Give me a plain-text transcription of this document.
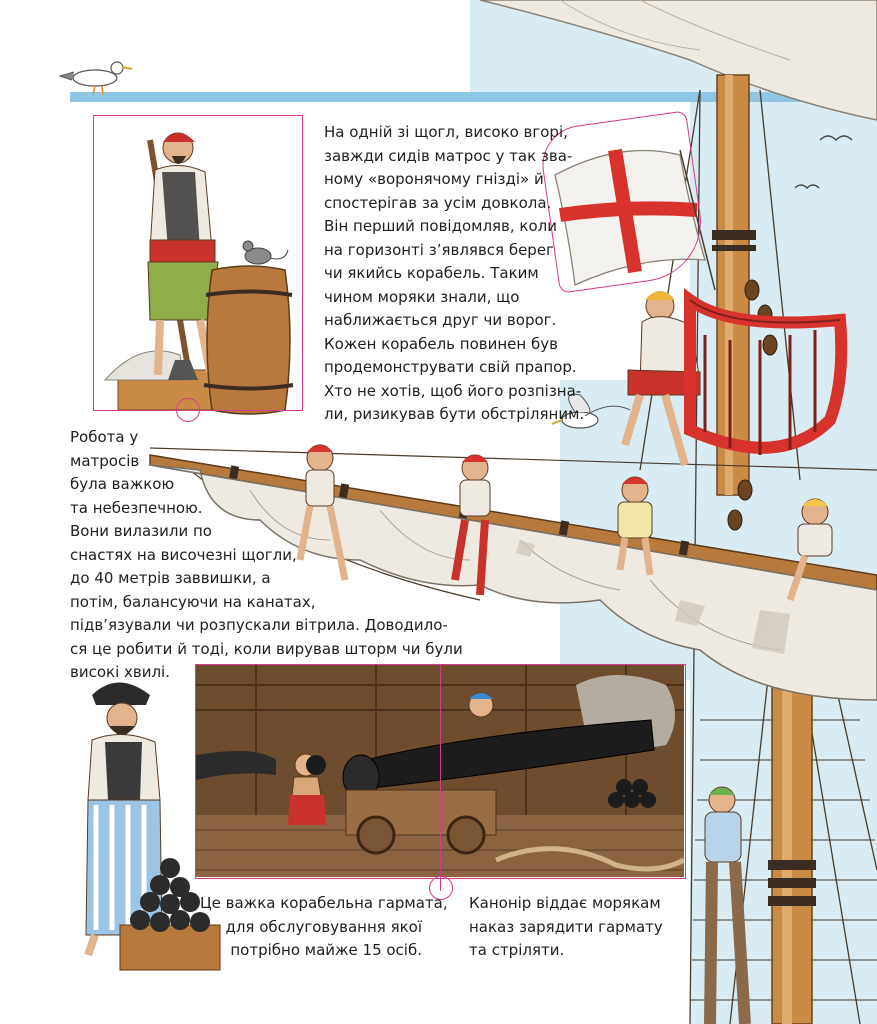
На одній зі щогл, високо вгорі,
завжди сидів матрос у так зва-
ному «воронячому гнізді» й
спостерігав за усім довкола.
Він перший повідомляв, коли
на горизонті з’являвся берег
чи якийсь корабель. Таким
чином моряки знали, що
наближається друг чи ворог.
Кожен корабель повинен був
продемонструвати свій прапор.
Хто не хотів, щоб його розпізна-
ли, ризикував бути обстріляним.
Робота у
матросів
була важкою
та небезпечною.
Вони вилазили по
снастях на височезні щогли,
до 40 метрів заввишки, а
потім, балансуючи на канатах,
підв’язували чи розпускали вітрила. Доводило-
ся це робити й тоді, коли вирував шторм чи були
високі хвилі.
Це важка корабельна гармата,
для обслуговування якої
потрібно майже 15 осіб.
Канонір віддає морякам
наказ зарядити гармату
та стріляти.
